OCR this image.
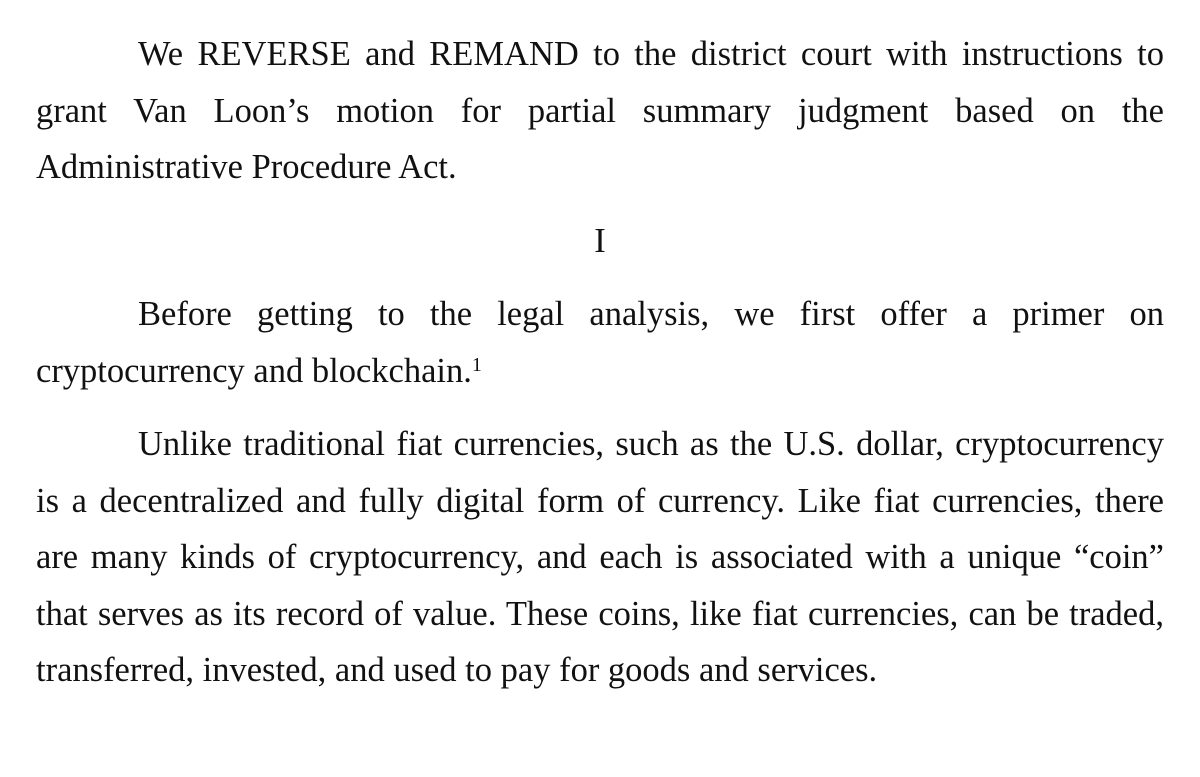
We REVERSE and REMAND to the district court with instructions to grant Van Loon’s motion for partial summary judgment based on the Administrative Procedure Act.

I

Before getting to the legal analysis, we first offer a primer on cryptocurrency and blockchain.$^1$

Unlike traditional fiat currencies, such as the U.S. dollar, cryptocurrency is a decentralized and fully digital form of currency. Like fiat currencies, there are many kinds of cryptocurrency, and each is associated with a unique “coin” that serves as its record of value. These coins, like fiat currencies, can be traded, transferred, invested, and used to pay for goods and services.
